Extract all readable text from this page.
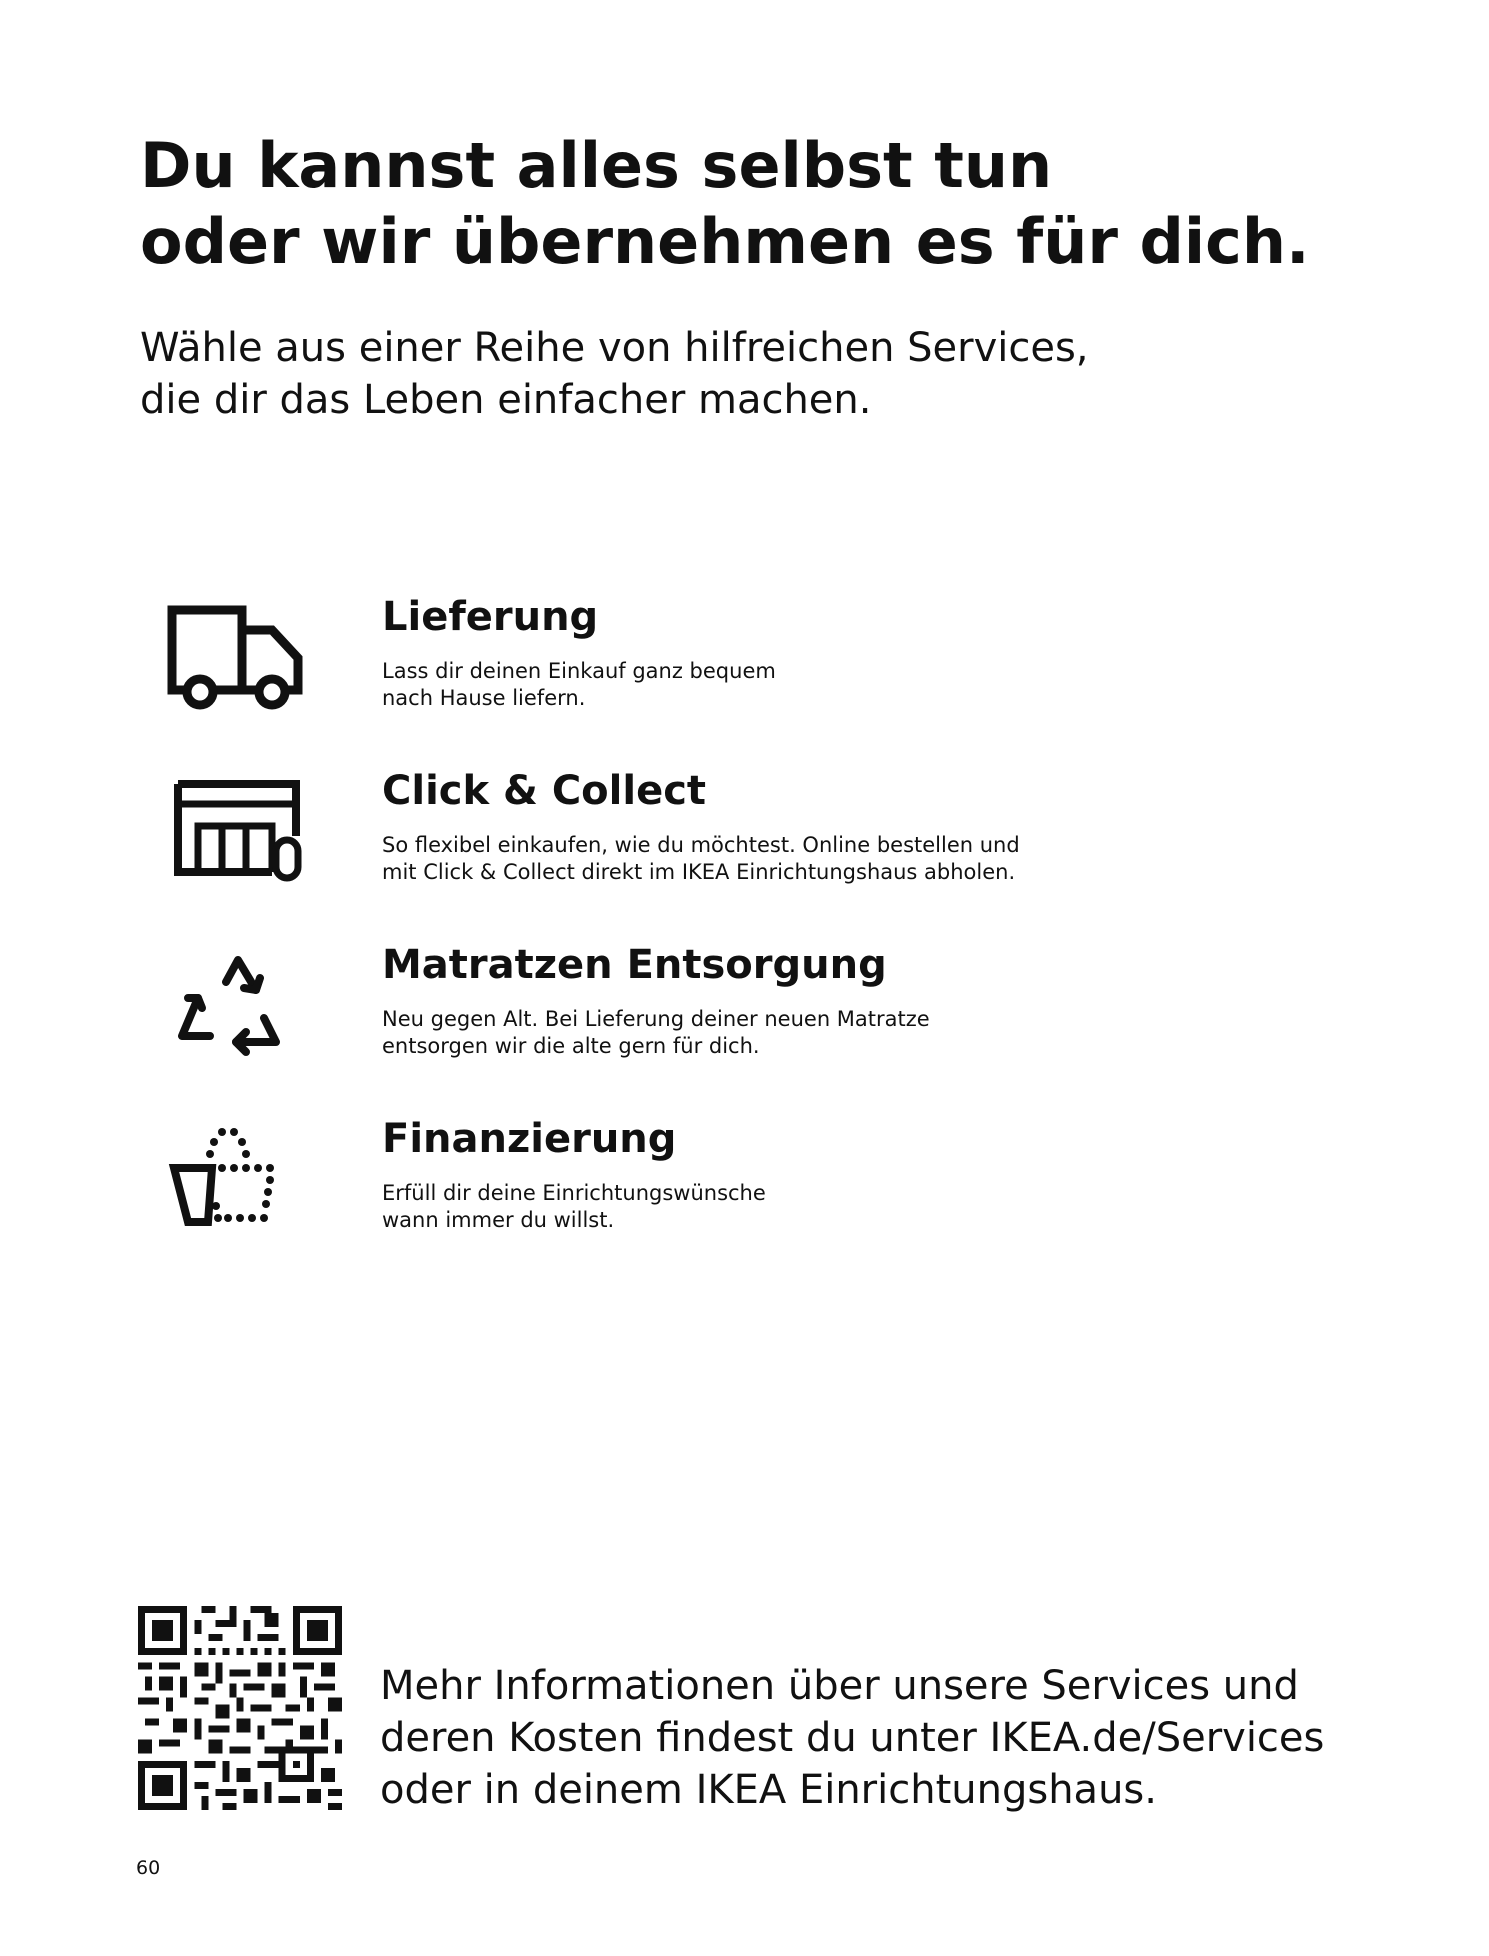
Du kannst alles selbst tun
oder wir übernehmen es für dich.

Wähle aus einer Reihe von hilfreichen Services,
die dir das Leben einfacher machen.

Lieferung

Lass dir deinen Einkauf ganz bequem
nach Hause liefern.

Click & Collect

So flexibel einkaufen, wie du möchtest. Online bestellen und
mit Click & Collect direkt im IKEA Einrichtungshaus abholen.

Matratzen Entsorgung

Neu gegen Alt. Bei Lieferung deiner neuen Matratze
entsorgen wir die alte gern für dich.

Finanzierung

Erfüll dir deine Einrichtungswünsche
wann immer du willst.

Mehr Informationen über unsere Services und
deren Kosten findest du unter IKEA.de/Services
oder in deinem IKEA Einrichtungshaus.

60
